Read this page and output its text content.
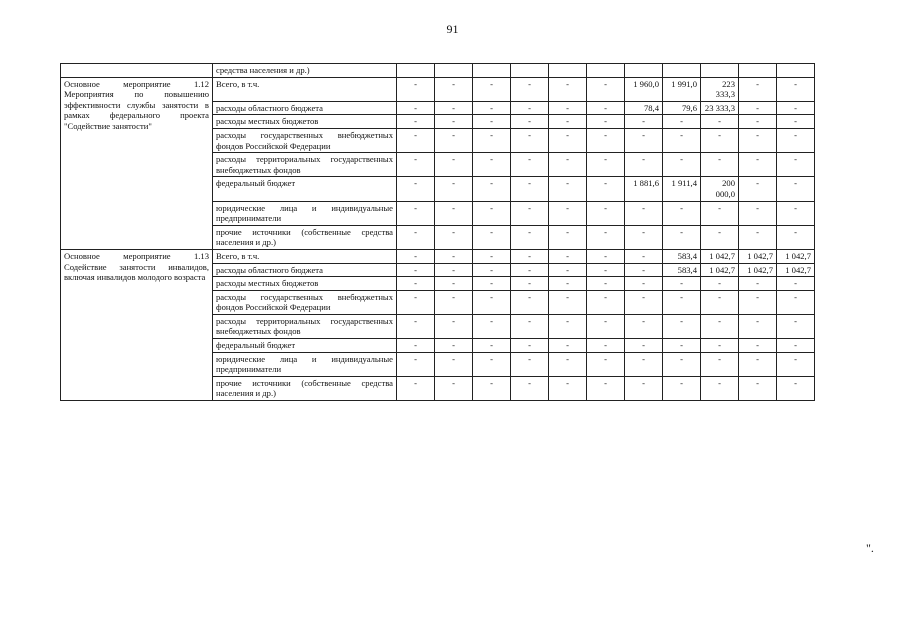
91
	средства населения и др.)											
Основное мероприятие 1.12 Мероприятия по повышению эффективности службы занятости в рамках федерального проекта "Содействие занятости"	Всего, в т.ч.	-	-	-	-	-	-	1 960,0	1 991,0	223 333,3	-	-
	расходы областного бюджета	-	-	-	-	-	-	78,4	79,6	23 333,3	-	-
	расходы местных бюджетов	-	-	-	-	-	-	-	-	-	-	-
	расходы государственных внебюджетных фондов Российской Федерации	-	-	-	-	-	-	-	-	-	-	-
	расходы территориальных государственных внебюджетных фондов	-	-	-	-	-	-	-	-	-	-	-
	федеральный бюджет	-	-	-	-	-	-	1 881,6	1 911,4	200 000,0	-	-
	юридические лица и индивидуальные предприниматели	-	-	-	-	-	-	-	-	-	-	-
	прочие источники (собственные средства населения и др.)	-	-	-	-	-	-	-	-	-	-	-
Основное мероприятие 1.13 Содействие занятости инвалидов, включая инвалидов молодого возраста	Всего, в т.ч.	-	-	-	-	-	-	-	583,4	1 042,7	1 042,7	1 042,7
	расходы областного бюджета	-	-	-	-	-	-	-	583,4	1 042,7	1 042,7	1 042,7
	расходы местных бюджетов	-	-	-	-	-	-	-	-	-	-	-
	расходы государственных внебюджетных фондов Российской Федерации	-	-	-	-	-	-	-	-	-	-	-
	расходы территориальных государственных внебюджетных фондов	-	-	-	-	-	-	-	-	-	-	-
	федеральный бюджет	-	-	-	-	-	-	-	-	-	-	-
	юридические лица и индивидуальные предприниматели	-	-	-	-	-	-	-	-	-	-	-
	прочие источники (собственные средства населения и др.)	-	-	-	-	-	-	-	-	-	-	-
".
